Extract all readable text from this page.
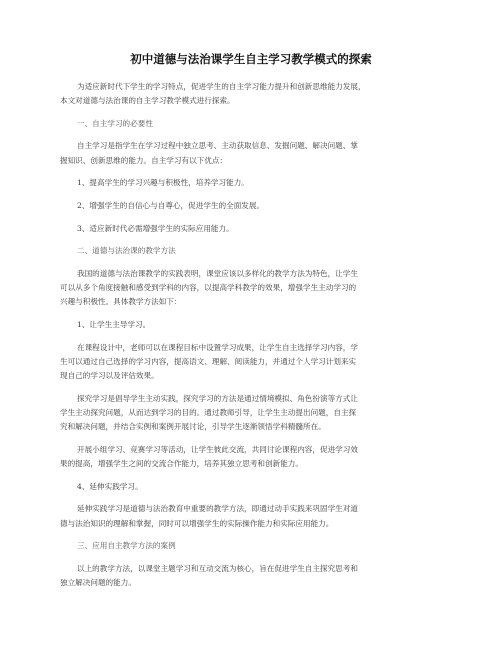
初中道德与法治课学生自主学习教学模式的探索
为适应新时代下学生的学习特点，促进学生的自主学习能力提升和创新思维能力发展，
本文对道德与法治课的自主学习教学模式进行探索。
一、自主学习的必要性
自主学习是指学生在学习过程中独立思考、主动获取信息、发掘问题、解决问题、掌
握知识、创新思维的能力。自主学习有以下优点：
1、提高学生的学习兴趣与积极性，培养学习能力。
2、增强学生的自信心与自尊心，促进学生的全面发展。
3、适应新时代必需增强学生的实际应用能力。
二、道德与法治课的教学方法
我国的道德与法治课教学的实践表明，课堂应该以多样化的教学方法为特色，让学生
可以从多个角度接触和感受到学科的内容，以提高学科教学的效果，增强学生主动学习的
兴趣与积极性。具体教学方法如下：
1、让学生主导学习。
在课程设计中，老师可以在课程目标中设置学习成果，让学生自主选择学习内容，学
生可以通过自己选择的学习内容，提高语文、理解、阅读能力，并通过个人学习计划来实
现自己的学习以及评估效果。
探究学习是倡导学生主动实践，探究学习的方法是通过情境模拟、角色扮演等方式让
学生主动探究问题，从而达到学习的目的。通过教师引导，让学生主动提出问题，自主探
究和解决问题，并结合实例和案例开展讨论，引导学生逐渐领悟学科精髓所在。
开展小组学习、竞赛学习等活动，让学生彼此交流，共同讨论课程内容，促进学习效
果的提高，增强学生之间的交流合作能力，培养其独立思考和创新能力。
4、延伸实践学习。
延伸实践学习是道德与法治教育中重要的教学方法，即通过动手实践来巩固学生对道
德与法治知识的理解和掌握，同时可以增强学生的实际操作能力和实际应用能力。
三、应用自主教学方法的案例
以上的教学方法，以课堂主题学习和互动交流为核心，旨在促进学生自主探究思考和
独立解决问题的能力。
